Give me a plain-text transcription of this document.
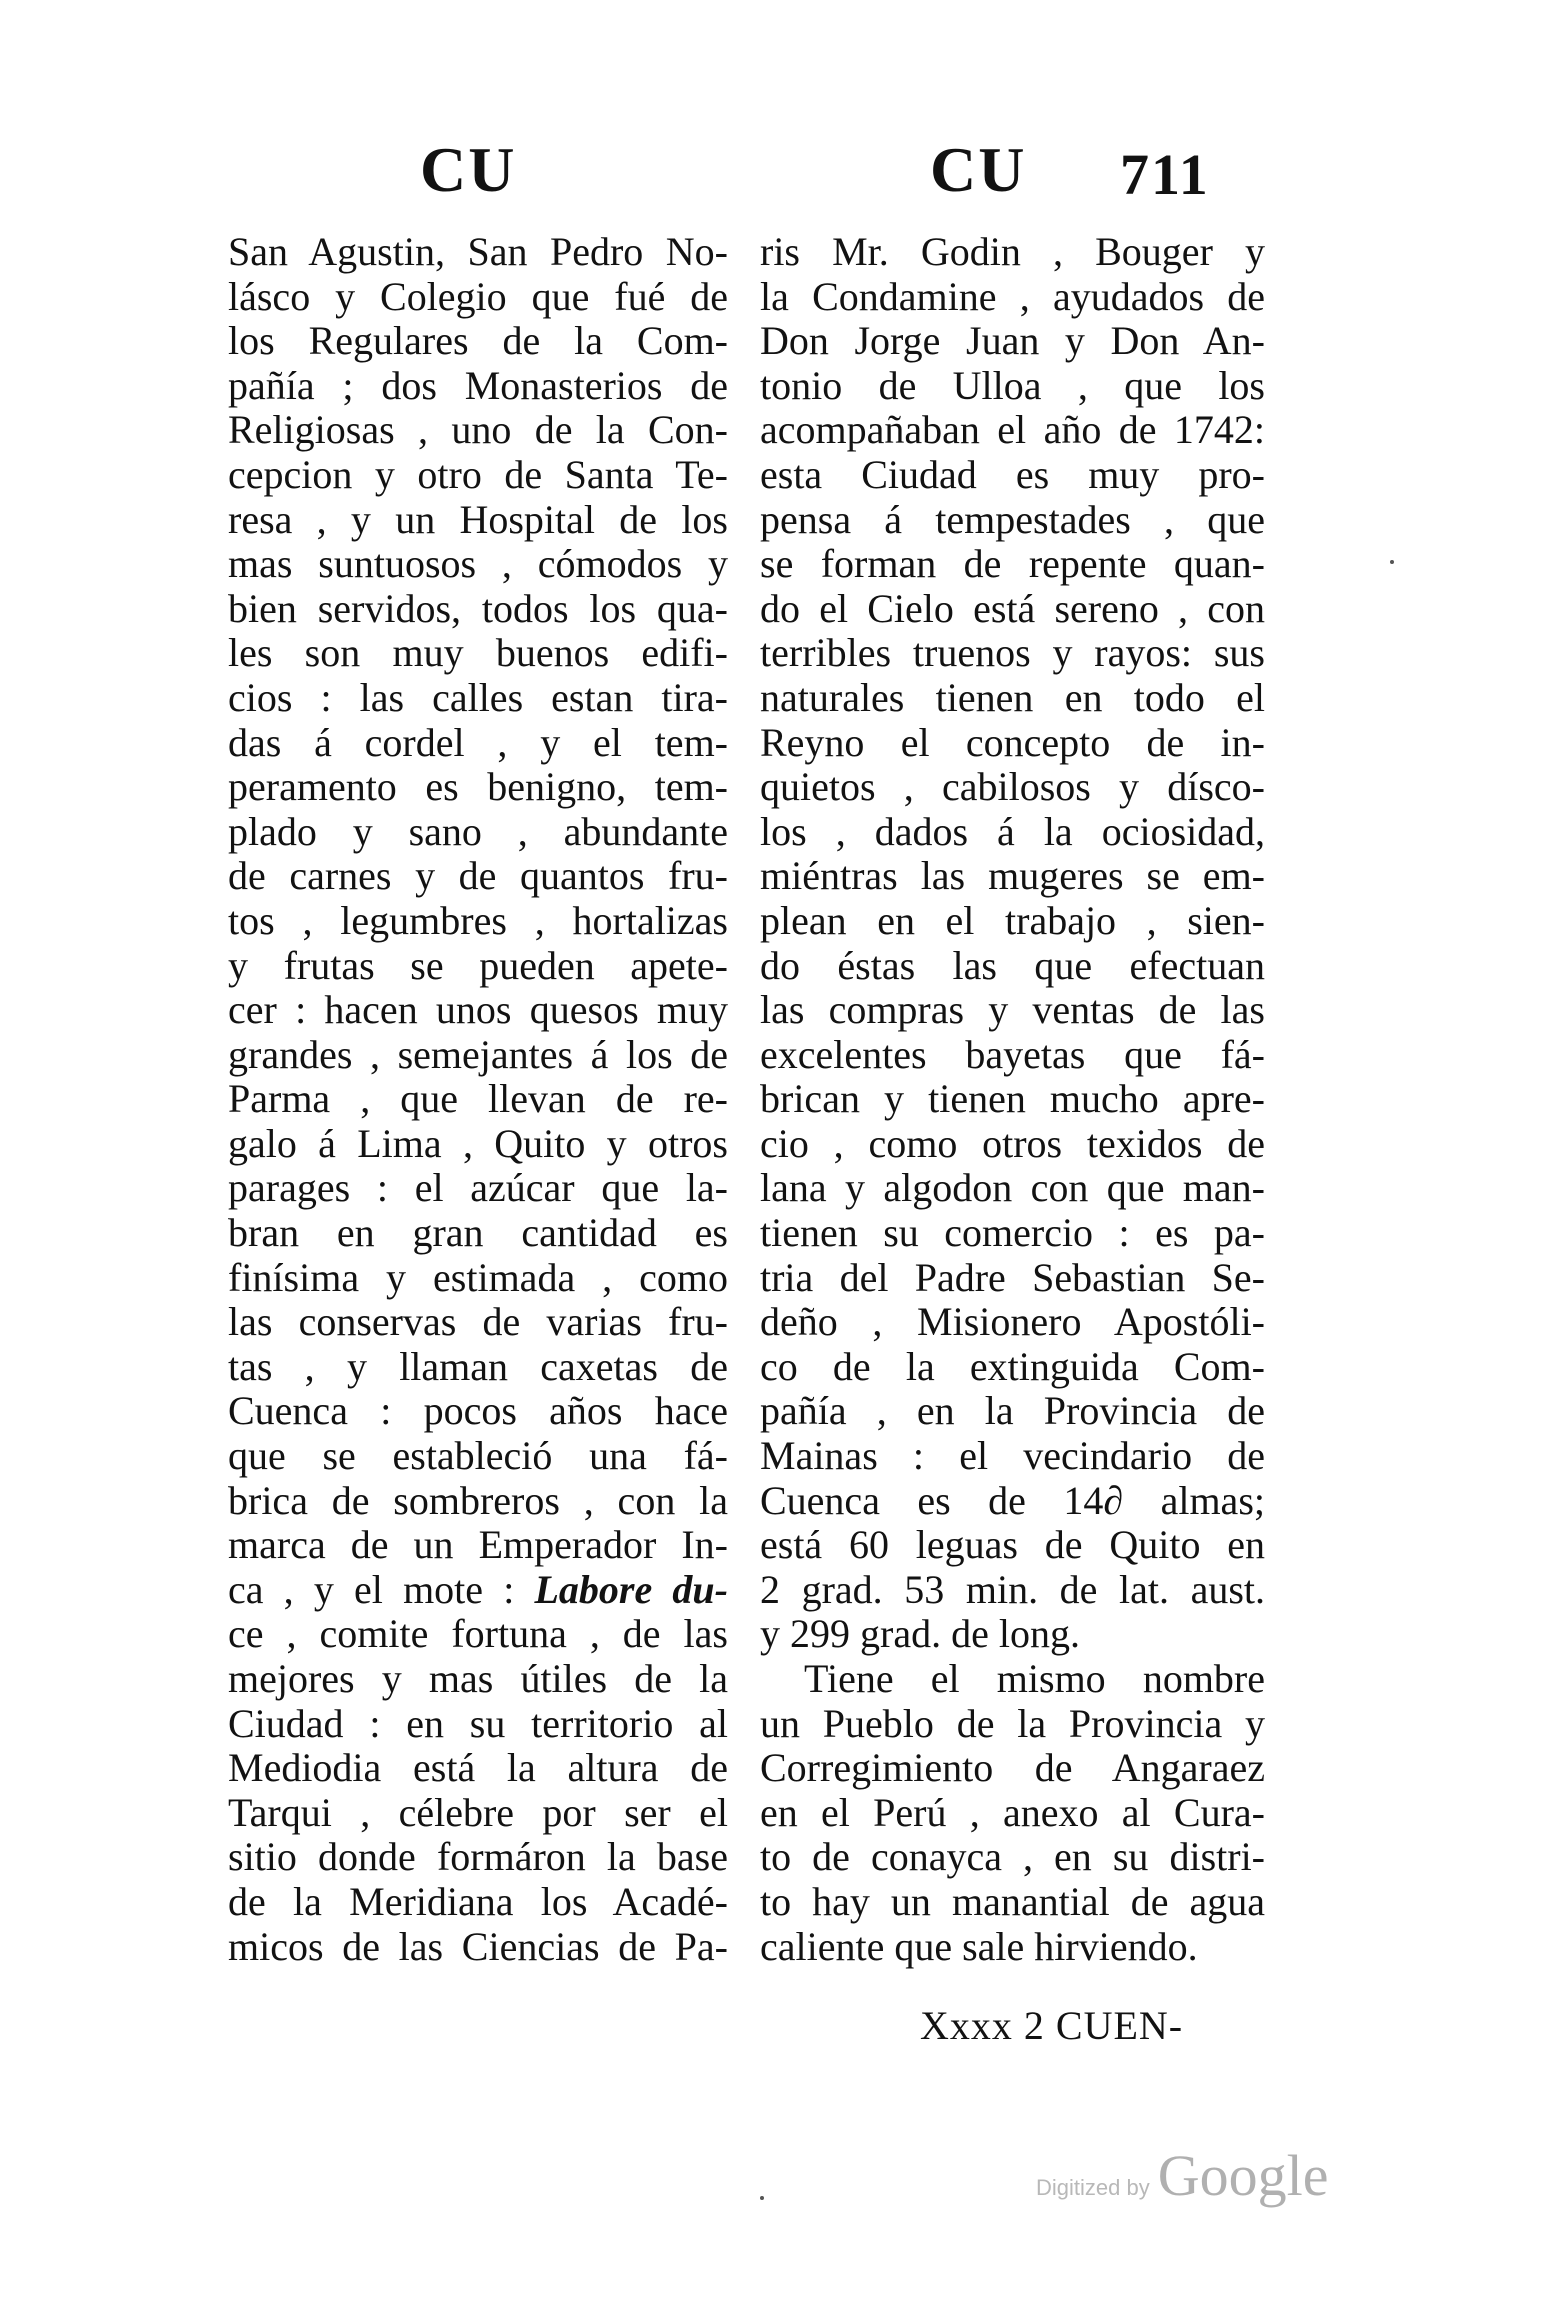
CU	CU 711
San Agustin, San Pedro No-
lásco y Colegio que fué de
los Regulares de la Com-
pañía ; dos Monasterios de
Religiosas , uno de la Con-
cepcion y otro de Santa Te-
resa , y un Hospital de los
mas suntuosos , cómodos y
bien servidos, todos los qua-
les son muy buenos edifi-
cios : las calles estan tira-
das á cordel , y el tem-
peramento es benigno, tem-
plado y sano , abundante
de carnes y de quantos fru-
tos , legumbres , hortalizas
y frutas se pueden apete-
cer : hacen unos quesos muy
grandes , semejantes á los de
Parma , que llevan de re-
galo á Lima , Quito y otros
parages : el azúcar que la-
bran en gran cantidad es
finísima y estimada , como
las conservas de varias fru-
tas , y llaman caxetas de
Cuenca : pocos años hace
que se estableció una fá-
brica de sombreros , con la
marca de un Emperador In-
ca , y el mote : Labore du-
ce , comite fortuna , de las
mejores y mas útiles de la
Ciudad : en su territorio al
Mediodia está la altura de
Tarqui , célebre por ser el
sitio donde formáron la base
de la Meridiana los Acadé-
micos de las Ciencias de Pa-
ris Mr. Godin , Bouger y
la Condamine , ayudados de
Don Jorge Juan y Don An-
tonio de Ulloa , que los
acompañaban el año de 1742:
esta Ciudad es muy pro-
pensa á tempestades , que
se forman de repente quan-
do el Cielo está sereno , con
terribles truenos y rayos: sus
naturales tienen en todo el
Reyno el concepto de in-
quietos , cabilosos y dísco-
los , dados á la ociosidad,
miéntras las mugeres se em-
plean en el trabajo , sien-
do éstas las que efectuan
las compras y ventas de las
excelentes bayetas que fá-
brican y tienen mucho apre-
cio , como otros texidos de
lana y algodon con que man-
tienen su comercio : es pa-
tria del Padre Sebastian Se-
deño , Misionero Apostóli-
co de la extinguida Com-
pañía , en la Provincia de
Mainas : el vecindario de
Cuenca es de 14∂ almas;
está 60 leguas de Quito en
2 grad. 53 min. de lat. aust.
y 299 grad. de long.
Tiene el mismo nombre
un Pueblo de la Provincia y
Corregimiento de Angaraez
en el Perú , anexo al Cura-
to de conayca , en su distri-
to hay un manantial de agua
caliente que sale hirviendo.
Xxxx 2 CUEN-
Digitized by Google
